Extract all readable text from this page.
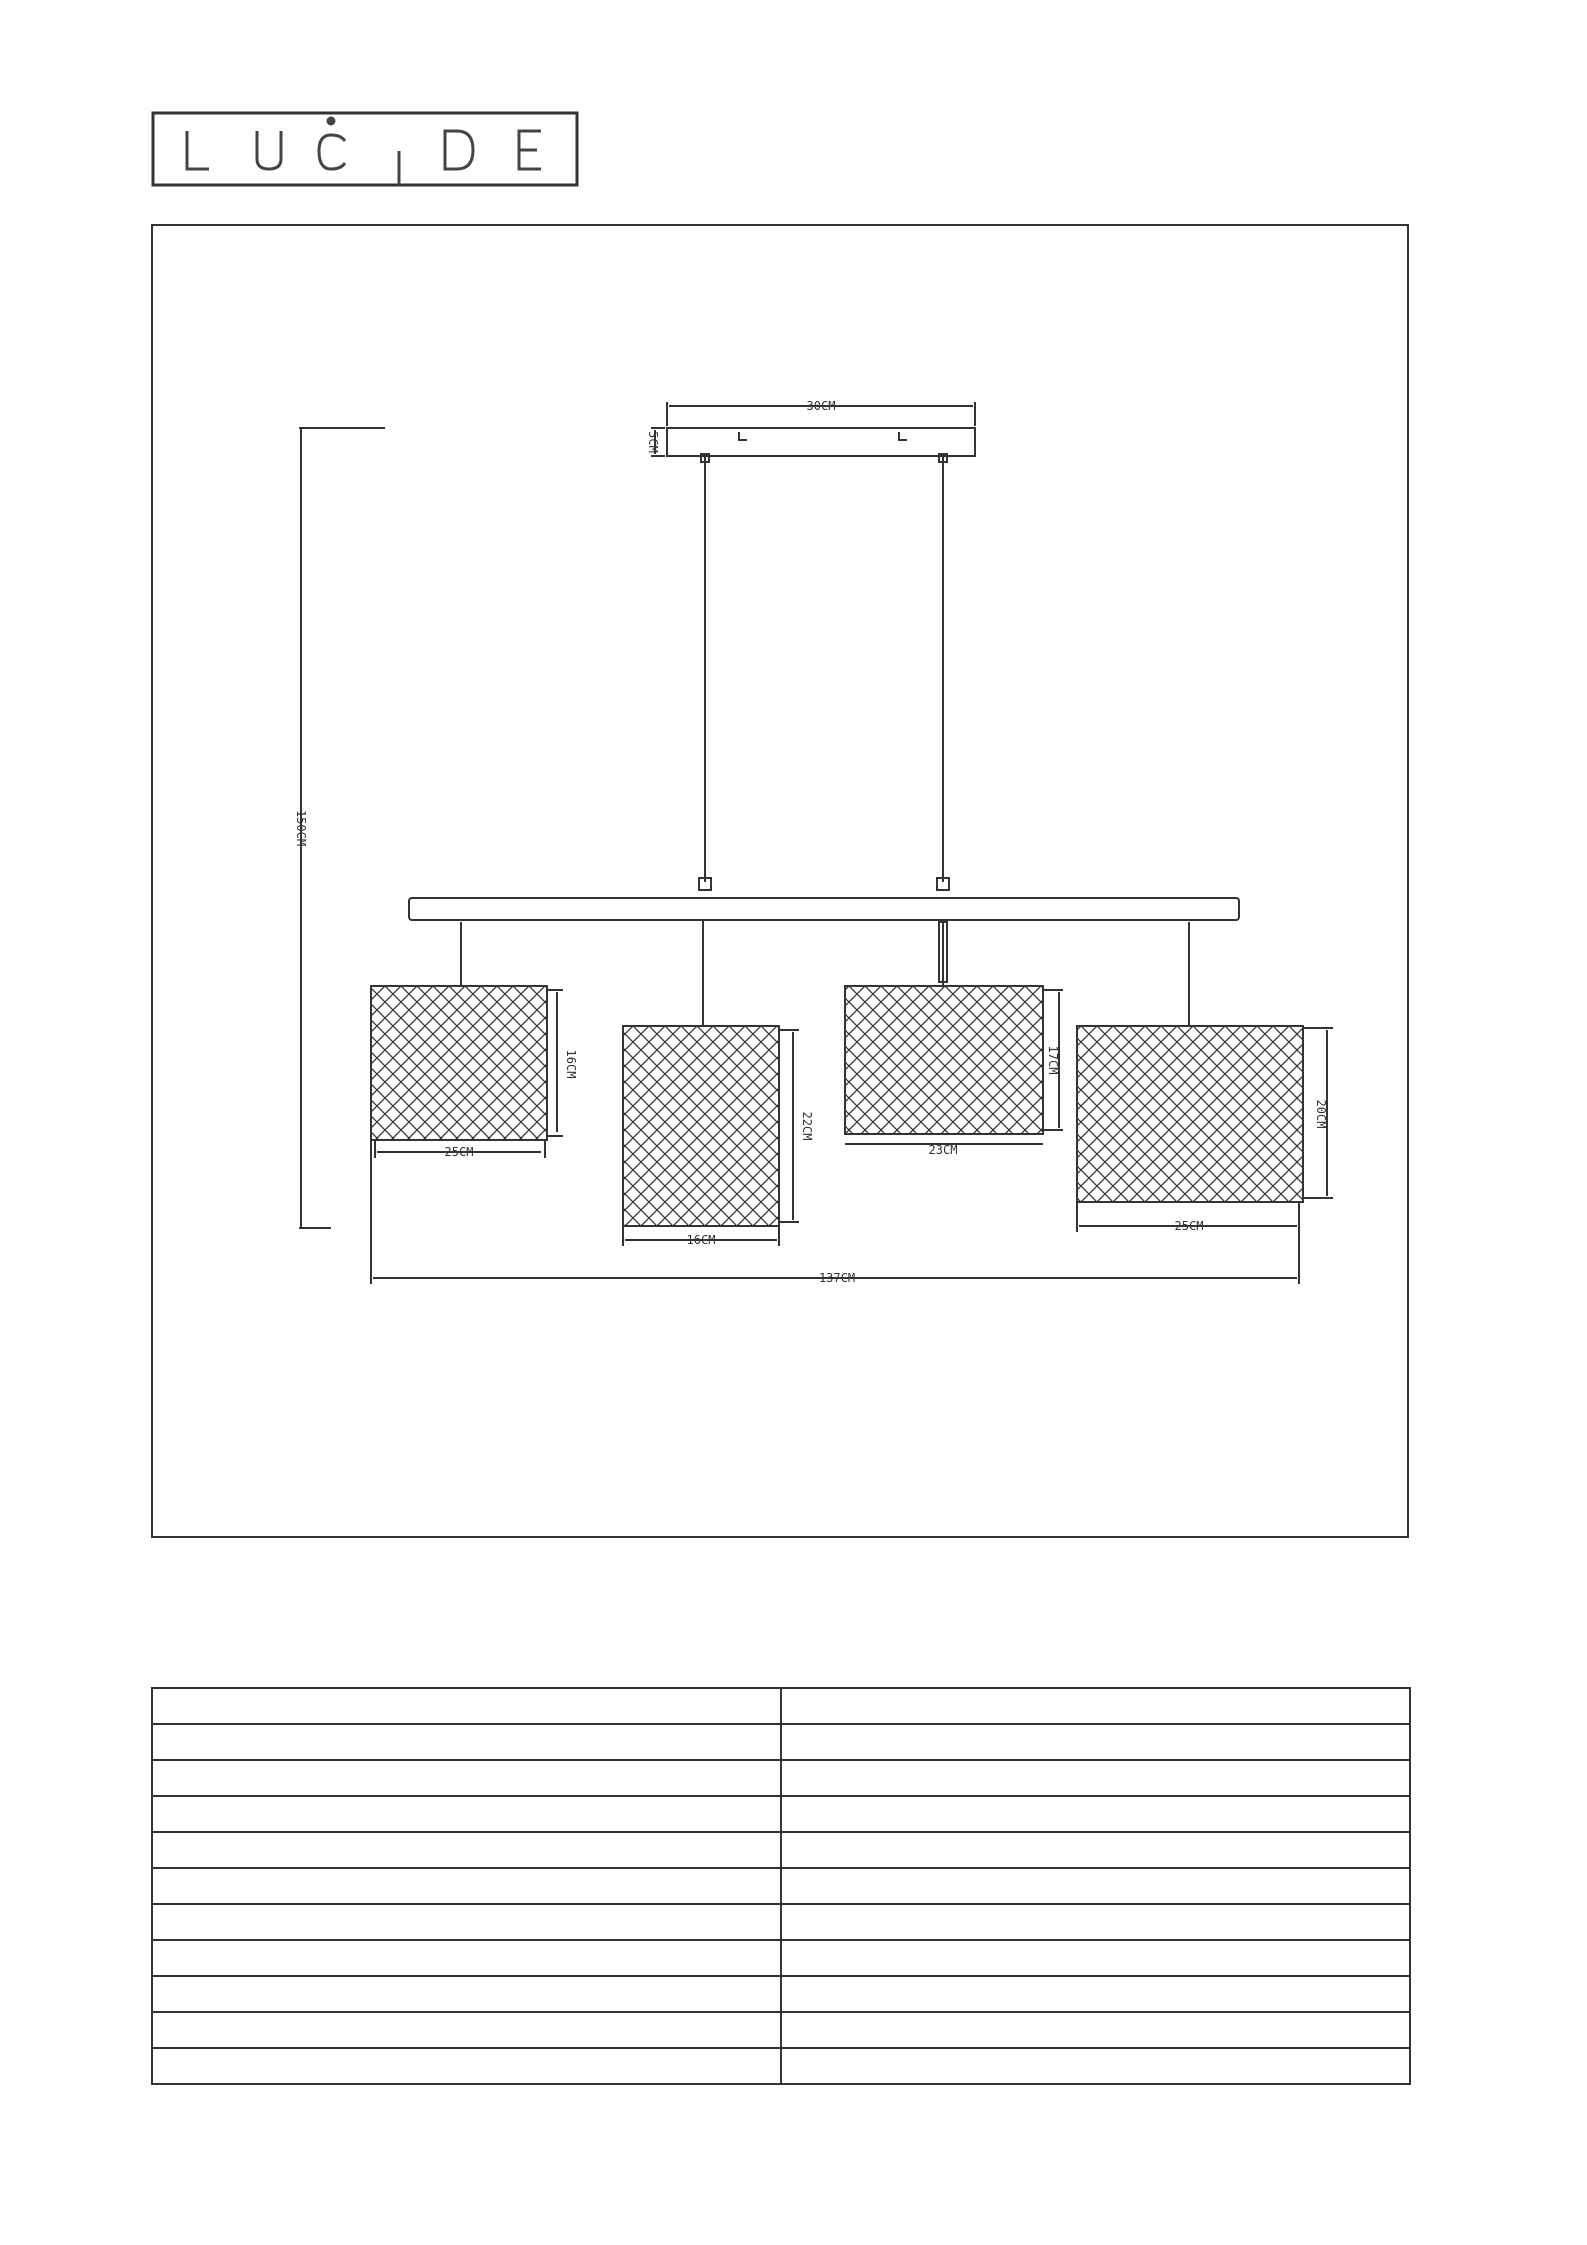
30CM
5CM
150CM
16CM
25CM
22CM
16CM
17CM
23CM
20CM
25CM
137CM
